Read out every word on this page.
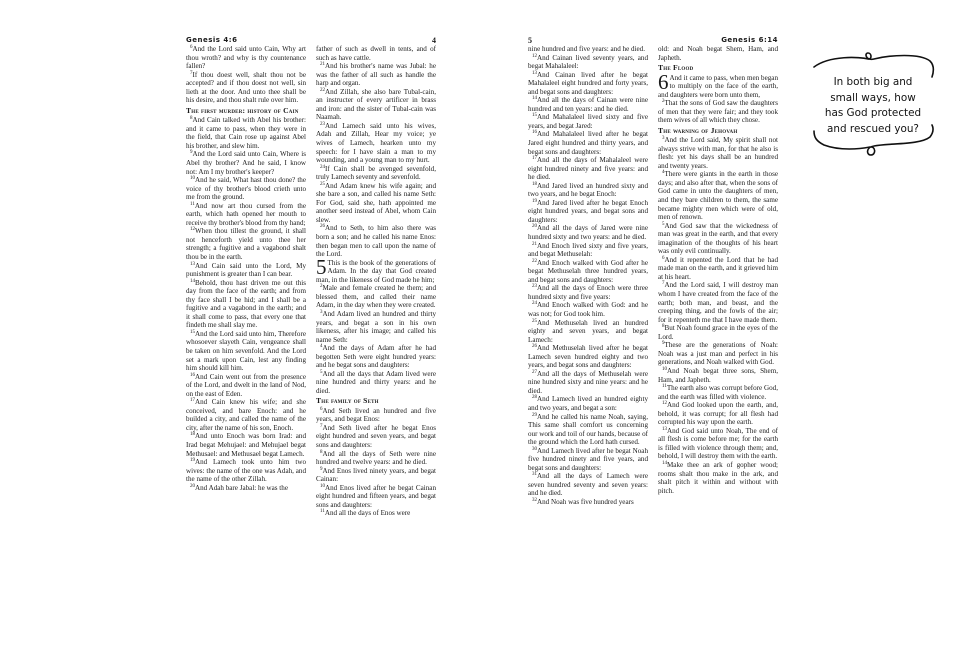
Genesis 4:6

$^6$And the Lord said unto Cain, Why art thou wroth? and why is thy countenance fallen?

$^7$If thou doest well, shalt thou not be accepted? and if thou doest not well, sin lieth at the door. And unto thee shall be his desire, and thou shalt rule over him.

The first murder: history of Cain

$^8$And Cain talked with Abel his brother: and it came to pass, when they were in the field, that Cain rose up against Abel his brother, and slew him.

$^9$And the Lord said unto Cain, Where is Abel thy brother? And he said, I know not: Am I my brother's keeper?

$^{10}$And he said, What hast thou done? the voice of thy brother's blood crieth unto me from the ground.

$^{11}$And now art thou cursed from the earth, which hath opened her mouth to receive thy brother's blood from thy hand;

$^{12}$When thou tillest the ground, it shall not henceforth yield unto thee her strength; a fugitive and a vagabond shalt thou be in the earth.

$^{13}$And Cain said unto the Lord, My punishment is greater than I can bear.

$^{14}$Behold, thou hast driven me out this day from the face of the earth; and from thy face shall I be hid; and I shall be a fugitive and a vagabond in the earth; and it shall come to pass, that every one that findeth me shall slay me.

$^{15}$And the Lord said unto him, Therefore whosoever slayeth Cain, vengeance shall be taken on him sevenfold. And the Lord set a mark upon Cain, lest any finding him should kill him.

$^{16}$And Cain went out from the presence of the Lord, and dwelt in the land of Nod, on the east of Eden.

$^{17}$And Cain knew his wife; and she conceived, and bare Enoch: and he builded a city, and called the name of the city, after the name of his son, Enoch.

$^{18}$And unto Enoch was born Irad: and Irad begat Mehujael: and Mehujael begat Methusael: and Methusael begat Lamech.

$^{19}$And Lamech took unto him two wives: the name of the one was Adah, and the name of the other Zillah.

$^{20}$And Adah bare Jabal: he was the

4

father of such as dwell in tents, and of such as have cattle.

$^{21}$And his brother's name was Jubal: he was the father of all such as handle the harp and organ.

$^{22}$And Zillah, she also bare Tubal-cain, an instructer of every artificer in brass and iron: and the sister of Tubal-cain was Naamah.

$^{23}$And Lamech said unto his wives, Adah and Zillah, Hear my voice; ye wives of Lamech, hearken unto my speech: for I have slain a man to my wounding, and a young man to my hurt.

$^{24}$If Cain shall be avenged sevenfold, truly Lamech seventy and sevenfold.

$^{25}$And Adam knew his wife again; and she bare a son, and called his name Seth: For God, said she, hath appointed me another seed instead of Abel, whom Cain slew.

$^{26}$And to Seth, to him also there was born a son; and he called his name Enos: then began men to call upon the name of the Lord.

5 This is the book of the generations of Adam. In the day that God created man, in the likeness of God made he him;

$^2$Male and female created he them; and blessed them, and called their name Adam, in the day when they were created.

$^3$And Adam lived an hundred and thirty years, and begat a son in his own likeness, after his image; and called his name Seth:

$^4$And the days of Adam after he had begotten Seth were eight hundred years: and he begat sons and daughters:

$^5$And all the days that Adam lived were nine hundred and thirty years: and he died.

The family of Seth

$^6$And Seth lived an hundred and five years, and begat Enos:

$^7$And Seth lived after he begat Enos eight hundred and seven years, and begat sons and daughters:

$^8$And all the days of Seth were nine hundred and twelve years: and he died.

$^9$And Enos lived ninety years, and begat Cainan:

$^{10}$And Enos lived after he begat Cainan eight hundred and fifteen years, and begat sons and daughters:

$^{11}$And all the days of Enos were

5

nine hundred and five years: and he died.

$^{12}$And Cainan lived seventy years, and begat Mahalaleel:

$^{13}$And Cainan lived after he begat Mahalaleel eight hundred and forty years, and begat sons and daughters:

$^{14}$And all the days of Cainan were nine hundred and ten years: and he died.

$^{15}$And Mahalaleel lived sixty and five years, and begat Jared:

$^{16}$And Mahalaleel lived after he begat Jared eight hundred and thirty years, and begat sons and daughters:

$^{17}$And all the days of Mahalaleel were eight hundred ninety and five years: and he died.

$^{18}$And Jared lived an hundred sixty and two years, and he begat Enoch:

$^{19}$And Jared lived after he begat Enoch eight hundred years, and begat sons and daughters:

$^{20}$And all the days of Jared were nine hundred sixty and two years: and he died.

$^{21}$And Enoch lived sixty and five years, and begat Methuselah:

$^{22}$And Enoch walked with God after he begat Methuselah three hundred years, and begat sons and daughters:

$^{23}$And all the days of Enoch were three hundred sixty and five years:

$^{24}$And Enoch walked with God: and he was not; for God took him.

$^{25}$And Methuselah lived an hundred eighty and seven years, and begat Lamech:

$^{26}$And Methuselah lived after he begat Lamech seven hundred eighty and two years, and begat sons and daughters:

$^{27}$And all the days of Methuselah were nine hundred sixty and nine years: and he died.

$^{28}$And Lamech lived an hundred eighty and two years, and begat a son:

$^{29}$And he called his name Noah, saying, This same shall comfort us concerning our work and toil of our hands, because of the ground which the Lord hath cursed.

$^{30}$And Lamech lived after he begat Noah five hundred ninety and five years, and begat sons and daughters:

$^{31}$And all the days of Lamech were seven hundred seventy and seven years: and he died.

$^{32}$And Noah was five hundred years

Genesis 6:14

old: and Noah begat Shem, Ham, and Japheth.

The Flood

6 And it came to pass, when men began to multiply on the face of the earth, and daughters were born unto them,

$^2$That the sons of God saw the daughters of men that they were fair; and they took them wives of all which they chose.

The warning of Jehovah

$^3$And the Lord said, My spirit shall not always strive with man, for that he also is flesh: yet his days shall be an hundred and twenty years.

$^4$There were giants in the earth in those days; and also after that, when the sons of God came in unto the daughters of men, and they bare children to them, the same became mighty men which were of old, men of renown.

$^5$And God saw that the wickedness of man was great in the earth, and that every imagination of the thoughts of his heart was only evil continually.

$^6$And it repented the Lord that he had made man on the earth, and it grieved him at his heart.

$^7$And the Lord said, I will destroy man whom I have created from the face of the earth; both man, and beast, and the creeping thing, and the fowls of the air; for it repenteth me that I have made them.

$^8$But Noah found grace in the eyes of the Lord.

$^9$These are the generations of Noah: Noah was a just man and perfect in his generations, and Noah walked with God.

$^{10}$And Noah begat three sons, Shem, Ham, and Japheth.

$^{11}$The earth also was corrupt before God, and the earth was filled with violence.

$^{12}$And God looked upon the earth, and, behold, it was corrupt; for all flesh had corrupted his way upon the earth.

$^{13}$And God said unto Noah, The end of all flesh is come before me; for the earth is filled with violence through them; and, behold, I will destroy them with the earth.

$^{14}$Make thee an ark of gopher wood; rooms shalt thou make in the ark, and shalt pitch it within and without with pitch.

In both big and
small ways, how
has God protected
and rescued you?
